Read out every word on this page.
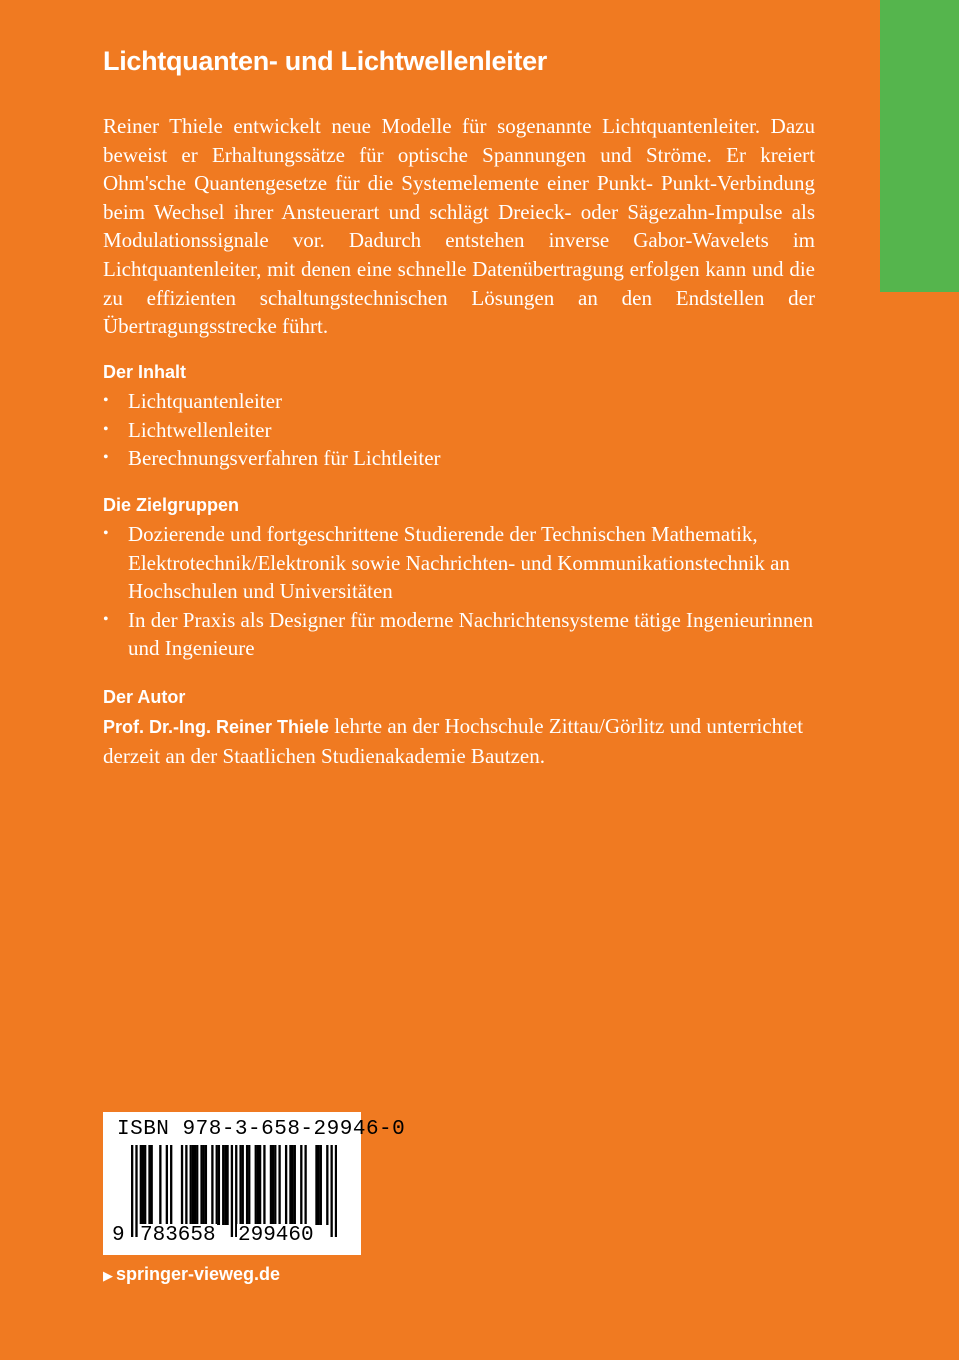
Lichtquanten- und Lichtwellenleiter

Reiner Thiele entwickelt neue Modelle für sogenannte Lichtquantenleiter. Dazu beweist er Erhaltungssätze für optische Spannungen und Ströme. Er kreiert Ohm'sche Quantengesetze für die Systemelemente einer Punkt- Punkt-Verbindung beim Wechsel ihrer Ansteuerart und schlägt Dreieck- oder Sägezahn-Impulse als Modulationssignale vor. Dadurch entstehen inverse Gabor-Wavelets im Lichtquantenleiter, mit denen eine schnelle Datenübertragung erfolgen kann und die zu effizienten schaltungstechnischen Lösungen an den Endstellen der Übertragungsstrecke führt.

Der Inhalt
• Lichtquantenleiter
• Lichtwellenleiter
• Berechnungsverfahren für Lichtleiter
Die Zielgruppen
• Dozierende und fortgeschrittene Studierende der Technischen Mathematik, Elektrotechnik/Elektronik sowie Nachrichten- und Kommunikationstechnik an Hochschulen und Universitäten
• In der Praxis als Designer für moderne Nachrichtensysteme tätige Ingenieurinnen und Ingenieure
Der Autor

Prof. Dr.-Ing. Reiner Thiele lehrte an der Hochschule Zittau/Görlitz und unterrichtet derzeit an der Staatlichen Studienakademie Bautzen.

ISBN 978-3-658-29946-0
9 783658 299460
▶ springer-vieweg.de
